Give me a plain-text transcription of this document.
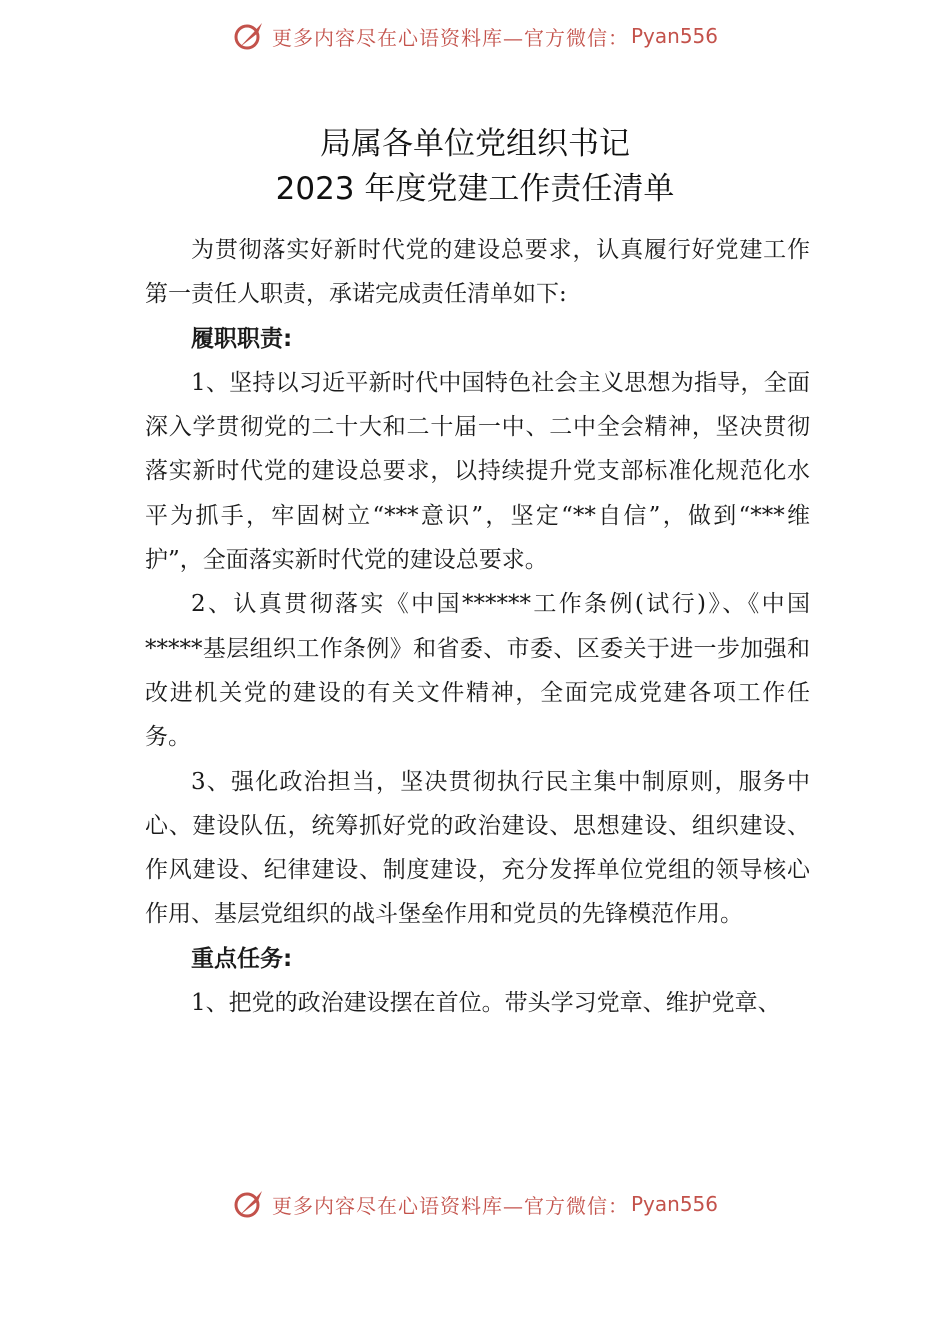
更多内容尽在心语资料库—官方微信： Pyan556
局属各单位党组织书记
2023 年度党建工作责任清单

为贯彻落实好新时代党的建设总要求，认真履行好党建工作第一责任人职责，承诺完成责任清单如下:

履职职责:

1、坚持以习近平新时代中国特色社会主义思想为指导，全面深入学贯彻党的二十大和二十届一中、二中全会精神，坚决贯彻落实新时代党的建设总要求，以持续提升党支部标准化规范化水平为抓手，牢固树立“***意识”，坚定“**自信”，做到“***维护”，全面落实新时代党的建设总要求。

2、认真贯彻落实《中国******工作条例(试行)》、《中国*****基层组织工作条例》和省委、市委、区委关于进一步加强和改进机关党的建设的有关文件精神，全面完成党建各项工作任务。

3、强化政治担当，坚决贯彻执行民主集中制原则，服务中心、建设队伍，统筹抓好党的政治建设、思想建设、组织建设、作风建设、纪律建设、制度建设，充分发挥单位党组的领导核心作用、基层党组织的战斗堡垒作用和党员的先锋模范作用。

重点任务:

1、把党的政治建设摆在首位。带头学习党章、维护党章、

更多内容尽在心语资料库—官方微信： Pyan556
